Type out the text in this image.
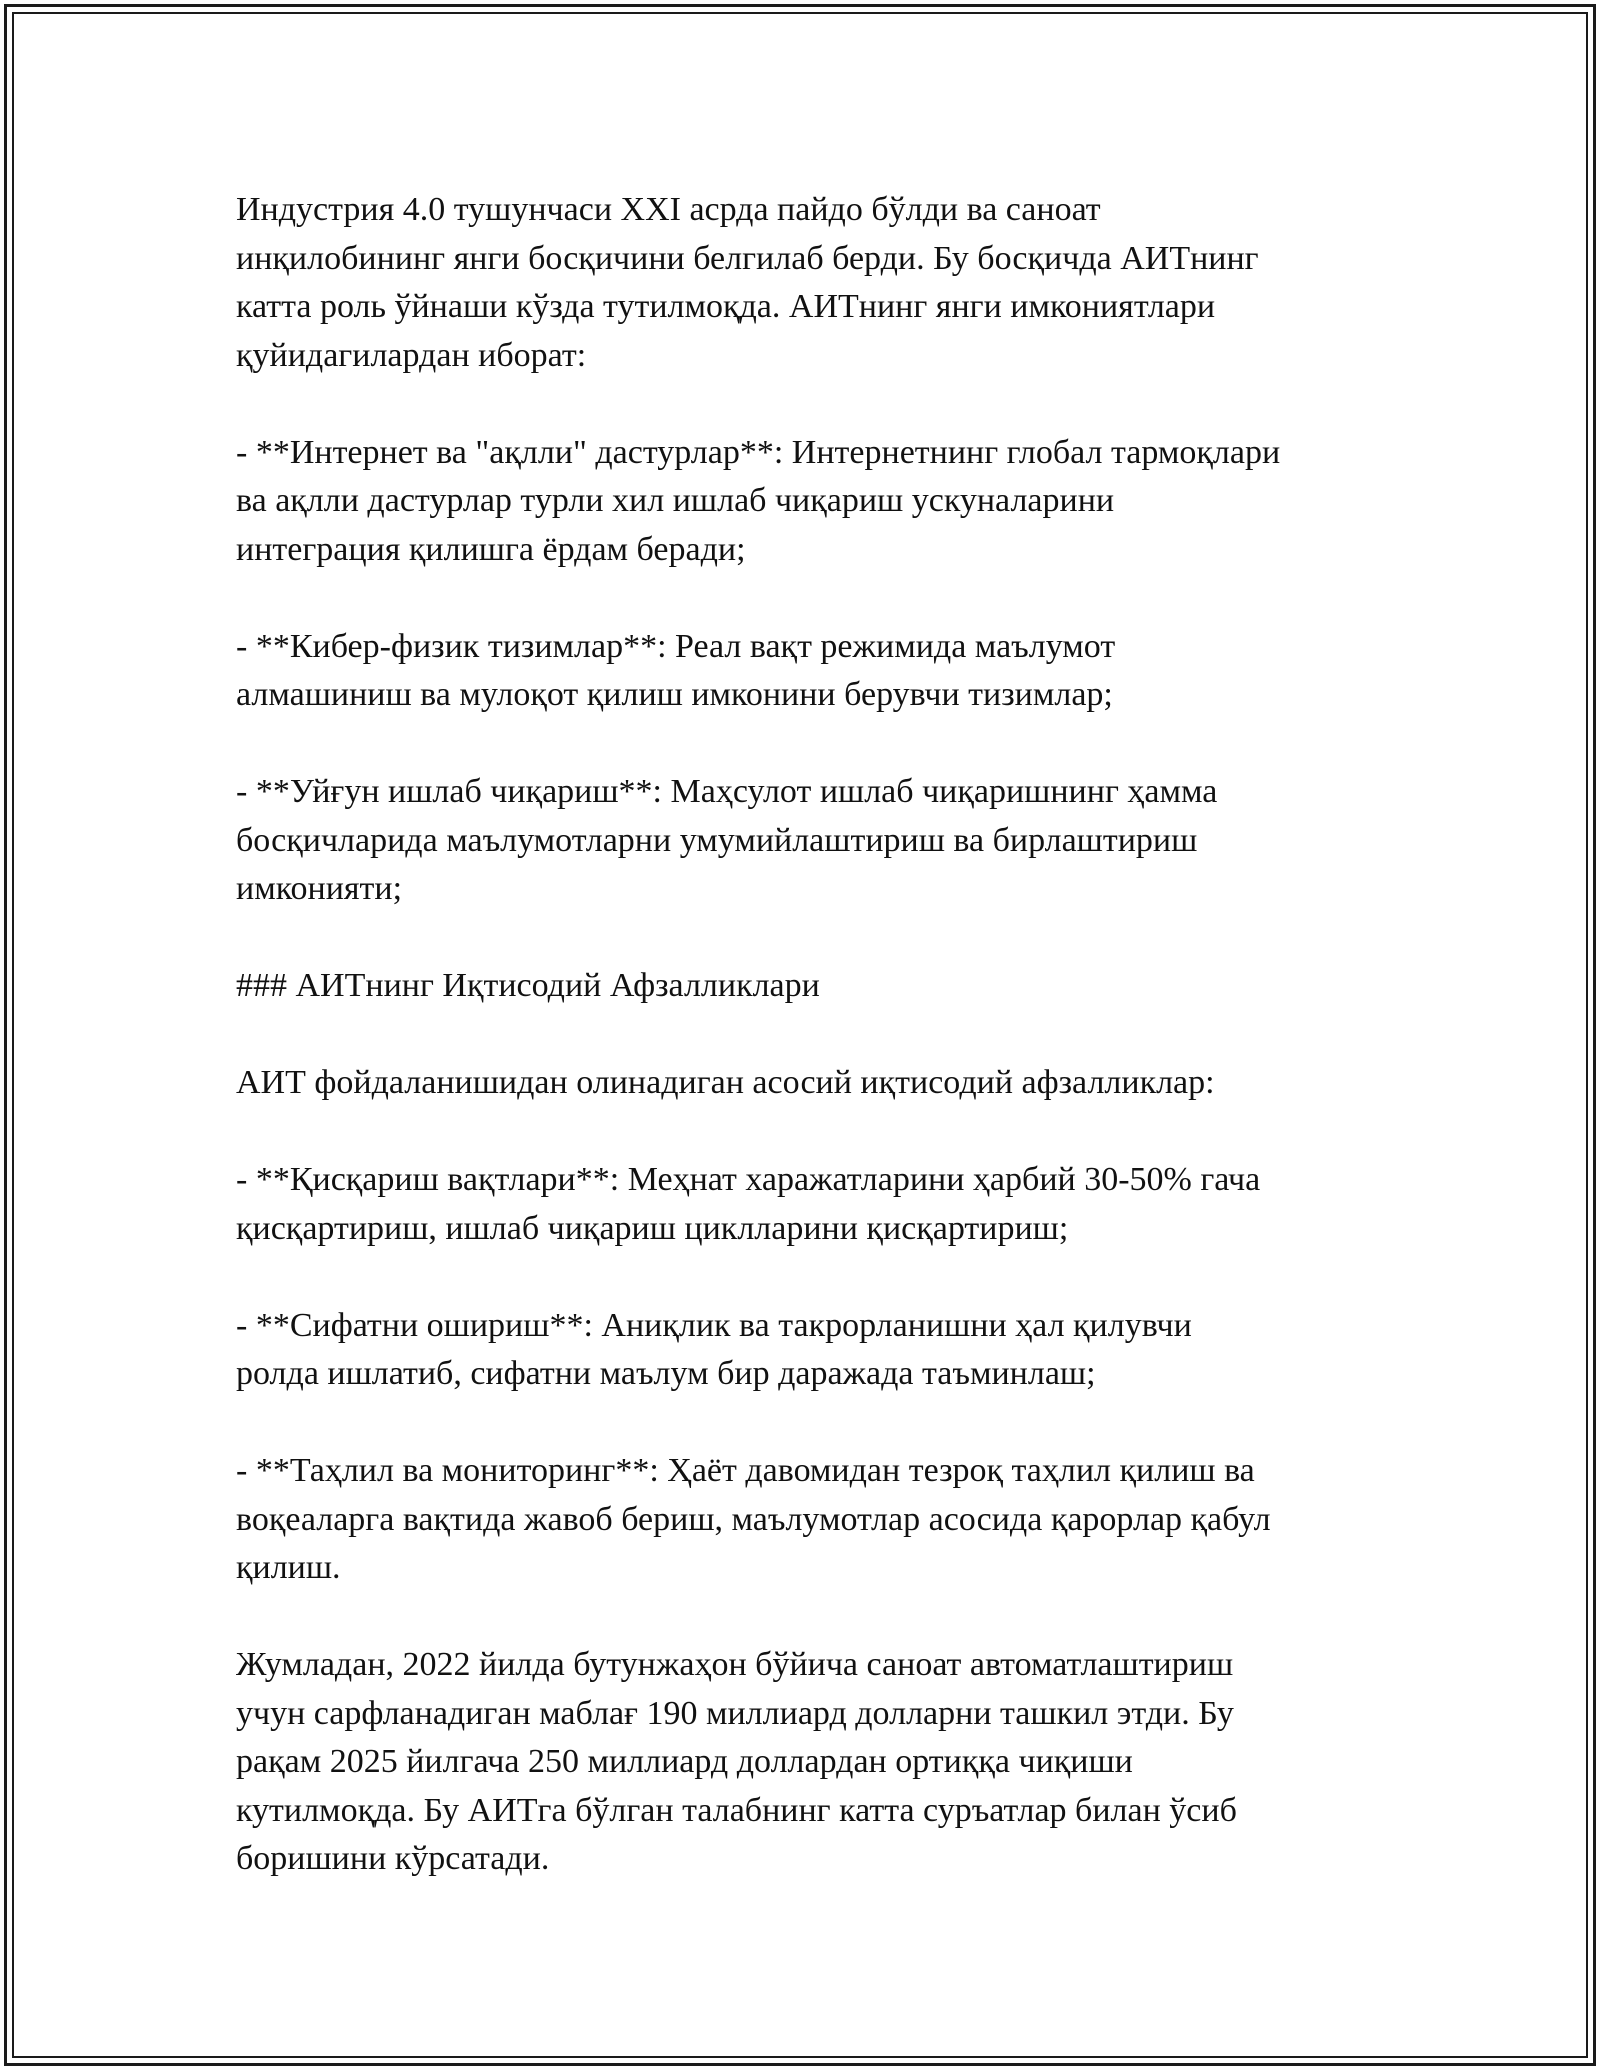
Индустрия 4.0 тушунчаси XXI асрда пайдо бўлди ва саноат
инқилобининг янги босқичини белгилаб берди. Бу босқичда АИТнинг
катта роль ўйнаши кўзда тутилмоқда. АИТнинг янги имкониятлари
қуйидагилардан иборат:

- **Интернет ва "ақлли" дастурлар**: Интернетнинг глобал тармоқлари
ва ақлли дастурлар турли хил ишлаб чиқариш ускуналарини
интеграция қилишга ёрдам беради;

- **Кибер-физик тизимлар**: Реал вақт режимида маълумот
алмашиниш ва мулоқот қилиш имконини берувчи тизимлар;

- **Уйғун ишлаб чиқариш**: Маҳсулот ишлаб чиқаришнинг ҳамма
босқичларида маълумотларни умумийлаштириш ва бирлаштириш
имконияти;

### АИТнинг Иқтисодий Афзалликлари

АИТ фойдаланишидан олинадиган асосий иқтисодий афзалликлар:

- **Қисқариш вақтлари**: Меҳнат харажатларини ҳарбий 30-50% гача
қисқартириш, ишлаб чиқариш циклларини қисқартириш;

- **Сифатни ошириш**: Аниқлик ва такрорланишни ҳал қилувчи
ролда ишлатиб, сифатни маълум бир даражада таъминлаш;

- **Таҳлил ва мониторинг**: Ҳаёт давомидан тезроқ таҳлил қилиш ва
воқеаларга вақтида жавоб бериш, маълумотлар асосида қарорлар қабул
қилиш.

Жумладан, 2022 йилда бутунжаҳон бўйича саноат автоматлаштириш
учун сарфланадиган маблағ 190 миллиард долларни ташкил этди. Бу
рақам 2025 йилгача 250 миллиард доллардан ортиққа чиқиши
кутилмоқда. Бу АИТга бўлган талабнинг катта суръатлар билан ўсиб
боришини кўрсатади.
